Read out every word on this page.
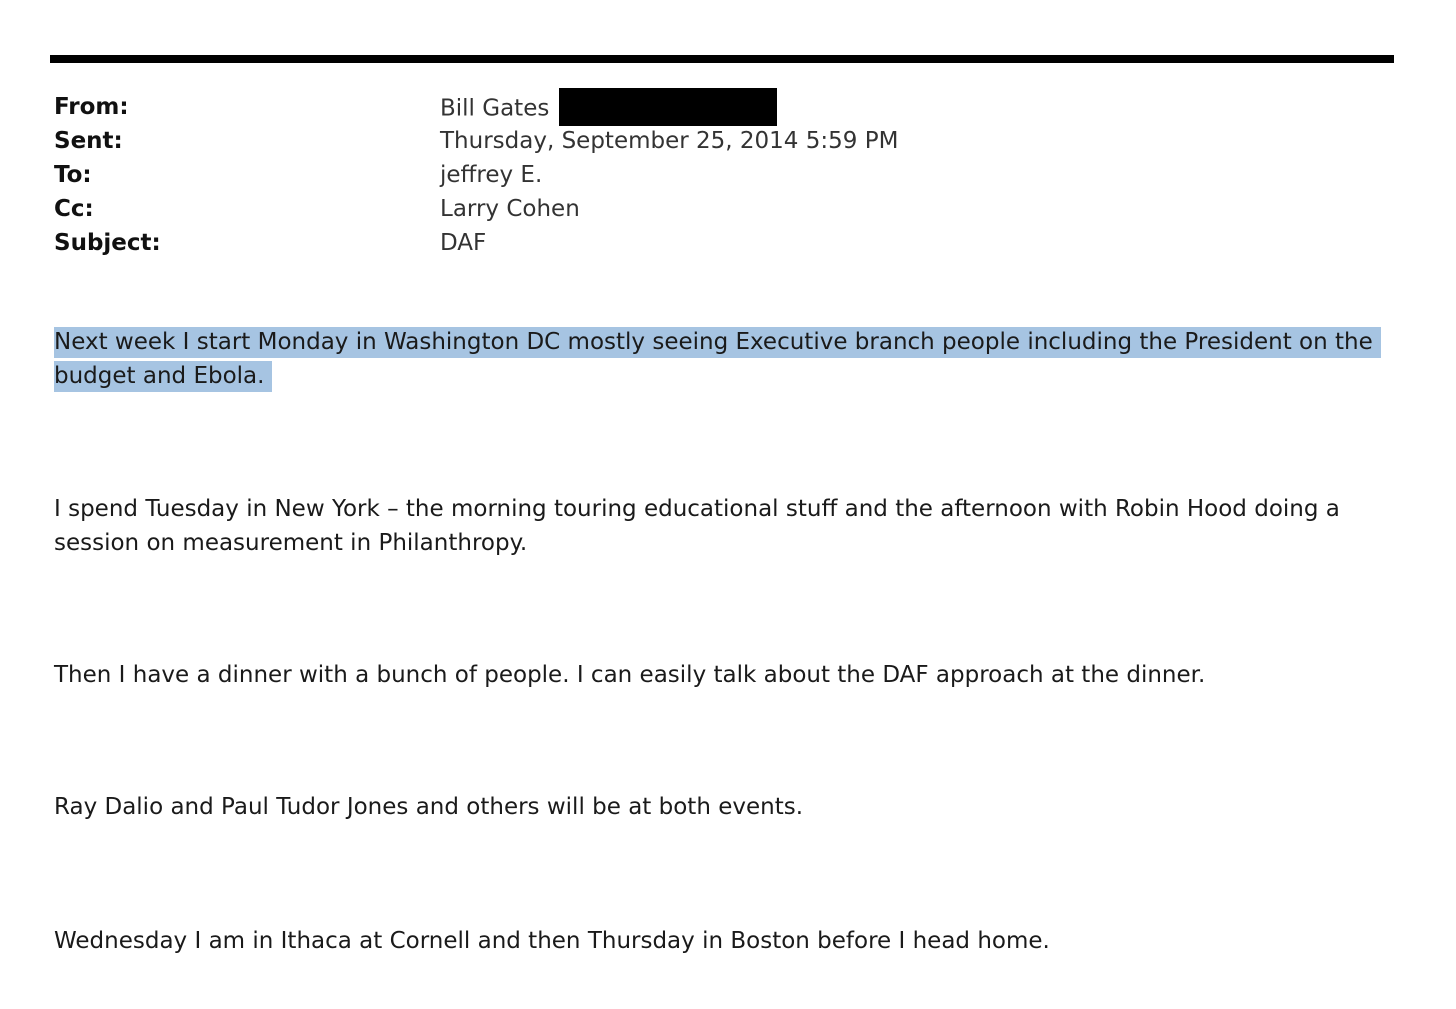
From:	Bill Gates
Sent:	Thursday, September 25, 2014 5:59 PM
To:	jeffrey E.
Cc:	Larry Cohen
Subject:	DAF

Next week I start Monday in Washington DC mostly seeing Executive branch people including the President on the budget and Ebola.

I spend Tuesday in New York – the morning touring educational stuff and the afternoon with Robin Hood doing a session on measurement in Philanthropy.

Then I have a dinner with a bunch of people. I can easily talk about the DAF approach at the dinner.

Ray Dalio and Paul Tudor Jones and others will be at both events.

Wednesday I am in Ithaca at Cornell and then Thursday in Boston before I head home.
